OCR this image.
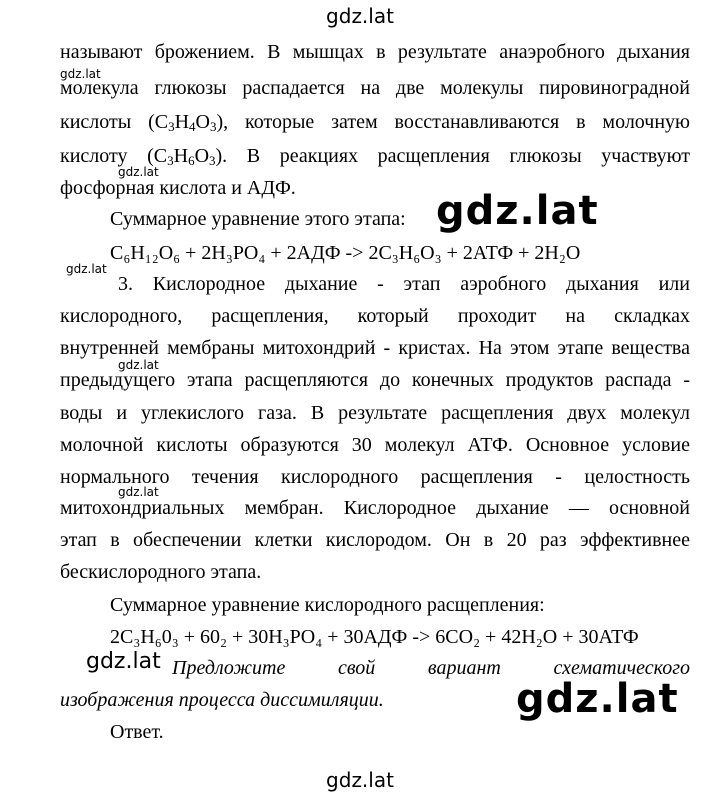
gdz.lat
называют брожением. В мышцах в результате анаэробного дыхания
gdz.lat
молекула глюкозы распадается на две молекулы пировиноградной
кислоты $(C_3H_4O_3)$, которые затем восстанавливаются в молочную
кислоту $(C_3H_6O_3)$. В реакциях расщепления глюкозы участвуют
gdz.lat
фосфорная кислота и АДФ.
Суммарное уравнение этого этапа: gdz.lat
C₆H₁₂O₆ + 2H₃PO₄ + 2АДФ -> 2C₃H₆O₃ + 2АТФ + 2H₂O
gdz.lat
3. Кислородное дыхание - этап аэробного дыхания или
кислородного, расщепления, который проходит на складках
внутренней мембраны митохондрий - кристах. На этом этапе вещества
gdz.lat
предыдущего этапа расщепляются до конечных продуктов распада -
воды и углекислого газа. В результате расщепления двух молекул
молочной кислоты образуются 30 молекул АТФ. Основное условие
нормального течения кислородного расщепления - целостность
gdz.lat
митохондриальных мембран. Кислородное дыхание — основной
этап в обеспечении клетки кислородом. Он в 20 раз эффективнее
бескислородного этапа.
Суммарное уравнение кислородного расщепления:
2C₃H₆0₃ + 60₂ + 30H₃PO₄ + 30АДФ -> 6CO₂ + 42H₂O + 30АТФ
gdz.lat Предложите свой вариант схематического
изображения процесса диссимиляции.	gdz.lat
Ответ.
gdz.lat
